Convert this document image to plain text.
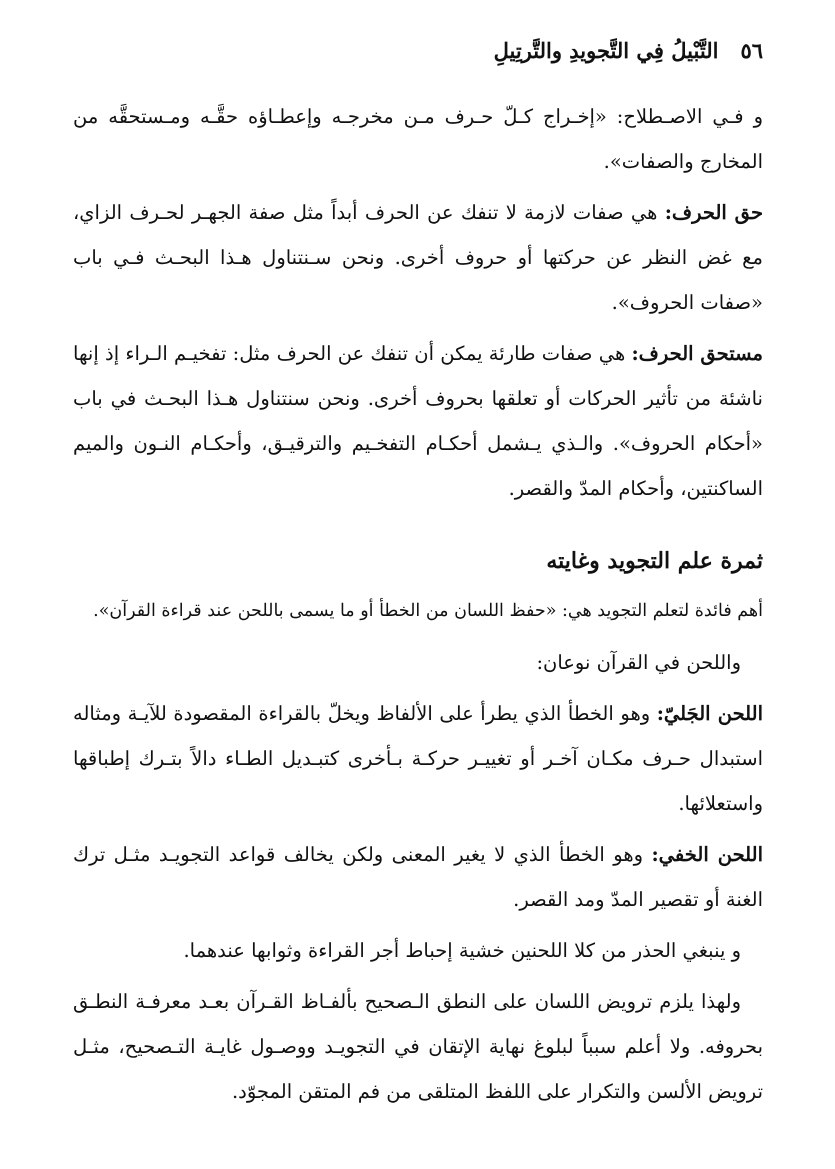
٥٦
التَّبْيلُ فِي التَّجويدِ والتَّرتِيلِ

و فـي الاصـطلاح: «إخـراج كـلّ حـرف مـن مخرجـه وإعطـاؤه حقَّـه ومـستحقَّه من المخارج والصفات».

حق الحرف: هي صفات لازمة لا تنفك عن الحرف أبداً مثل صفة الجهـر لحـرف الزاي، مع غض النظر عن حركتها أو حروف أخرى. ونحن سـنتناول هـذا البحـث فـي باب «صفات الحروف».

مستحق الحرف: هي صفات طارئة يمكن أن تنفك عن الحرف مثل: تفخيـم الـراء إذ إنها ناشئة من تأثير الحركات أو تعلقها بحروف أخرى. ونحن سنتناول هـذا البحـث في باب «أحكام الحروف». والـذي يـشمل أحكـام التفخـيم والترقيـق، وأحكـام النـون والميم الساكنتين، وأحكام المدّ والقصر.

ثمرة علم التجويد وغايته

أهم فائدة لتعلم التجويد هي: «حفظ اللسان من الخطأ أو ما يسمى باللحن عند قراءة القرآن».

واللحن في القرآن نوعان:

اللحن الجَليّ: وهو الخطأ الذي يطرأ على الألفاظ ويخلّ بالقراءة المقصودة للآيـة ومثاله استبدال حـرف مكـان آخـر أو تغييـر حركـة بـأخرى كتبـديل الطـاء دالاً بتـرك إطباقها واستعلائها.

اللحن الخفي: وهو الخطأ الذي لا يغير المعنى ولكن يخالف قواعد التجويـد مثـل ترك الغنة أو تقصير المدّ ومد القصر.

و ينبغي الحذر من كلا اللحنين خشية إحباط أجر القراءة وثوابها عندهما.

ولهذا يلزم ترويض اللسان على النطق الـصحيح بألفـاظ القـرآن بعـد معرفـة النطـق بحروفه. ولا أعلم سبباً لبلوغ نهاية الإتقان في التجويـد ووصـول غايـة التـصحيح، مثـل ترويض الألسن والتكرار على اللفظ المتلقى من فم المتقن المجوّد.
